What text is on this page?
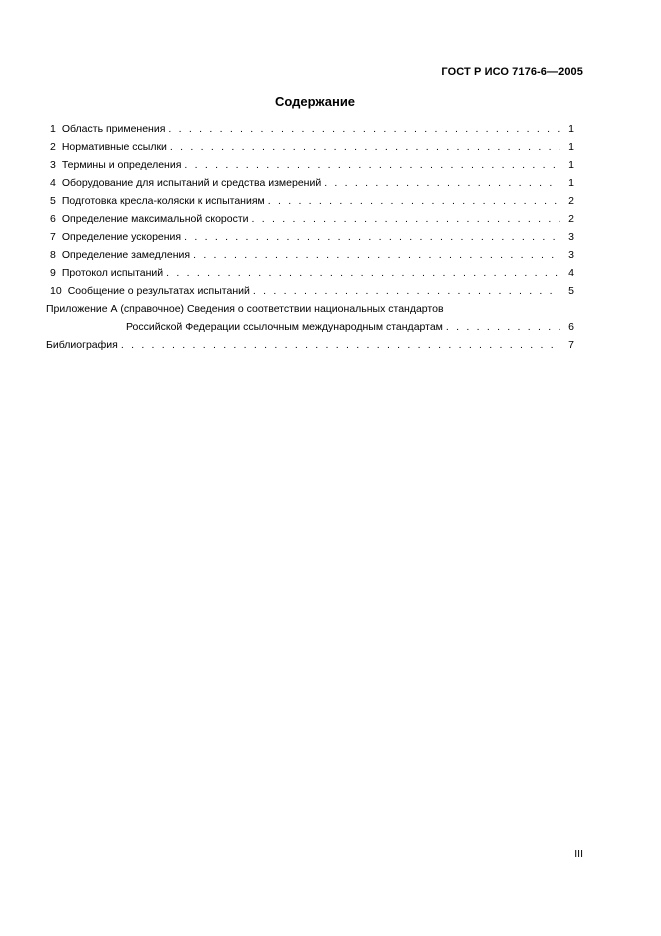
ГОСТ Р ИСО 7176-6—2005
Содержание
1 Область применения . . .	1
2 Нормативные ссылки . . .	1
3 Термины и определения . . .	1
4 Оборудование для испытаний и средства измерений . . .	1
5 Подготовка кресла-коляски к испытаниям . . .	2
6 Определение максимальной скорости . . .	2
7 Определение ускорения . . .	3
8 Определение замедления . . .	3
9 Протокол испытаний . . .	4
10 Сообщение о результатах испытаний . . .	5
Приложение А (справочное) Сведения о соответствии национальных стандартов
Российской Федерации ссылочным международным стандартам . . .	6
Библиография . . .	7
III
